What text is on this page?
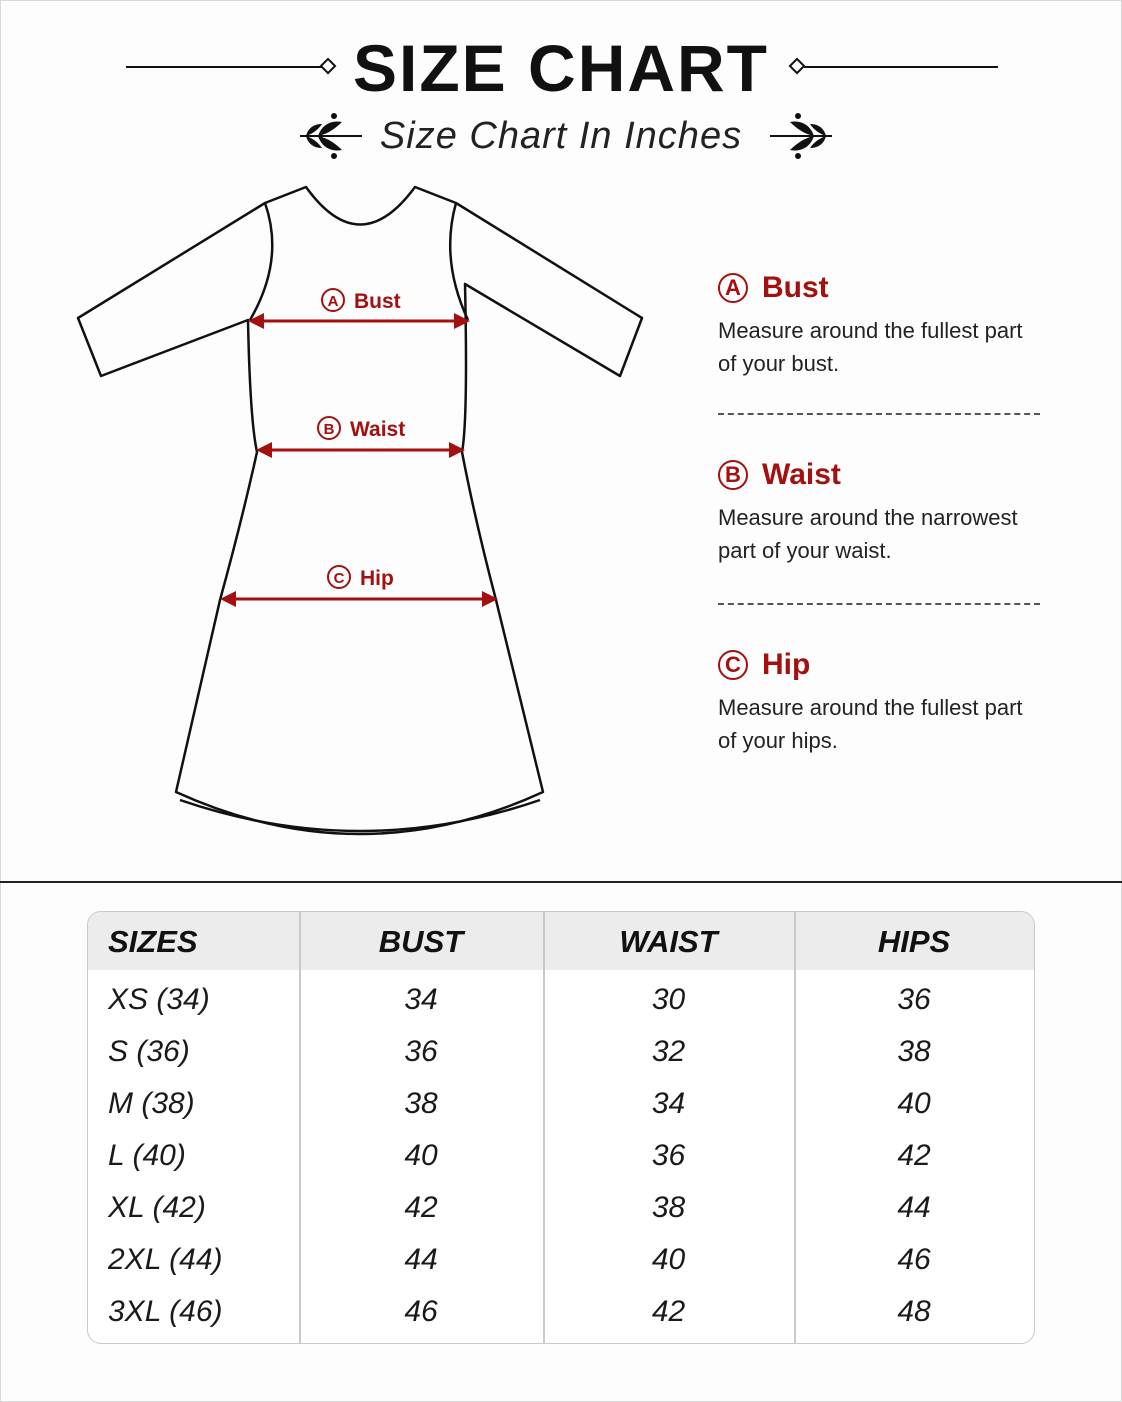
SIZE CHART
Size Chart In Inches
A Bust
B Waist
C Hip
A Bust
Measure around the fullest part of your bust.
B Waist
Measure around the narrowest part of your waist.
C Hip
Measure around the fullest part of your hips.
SIZES	BUST	WAIST	HIPS
XS (34)	34	30	36
S (36)	36	32	38
M (38)	38	34	40
L (40)	40	36	42
XL (42)	42	38	44
2XL (44)	44	40	46
3XL (46)	46	42	48
